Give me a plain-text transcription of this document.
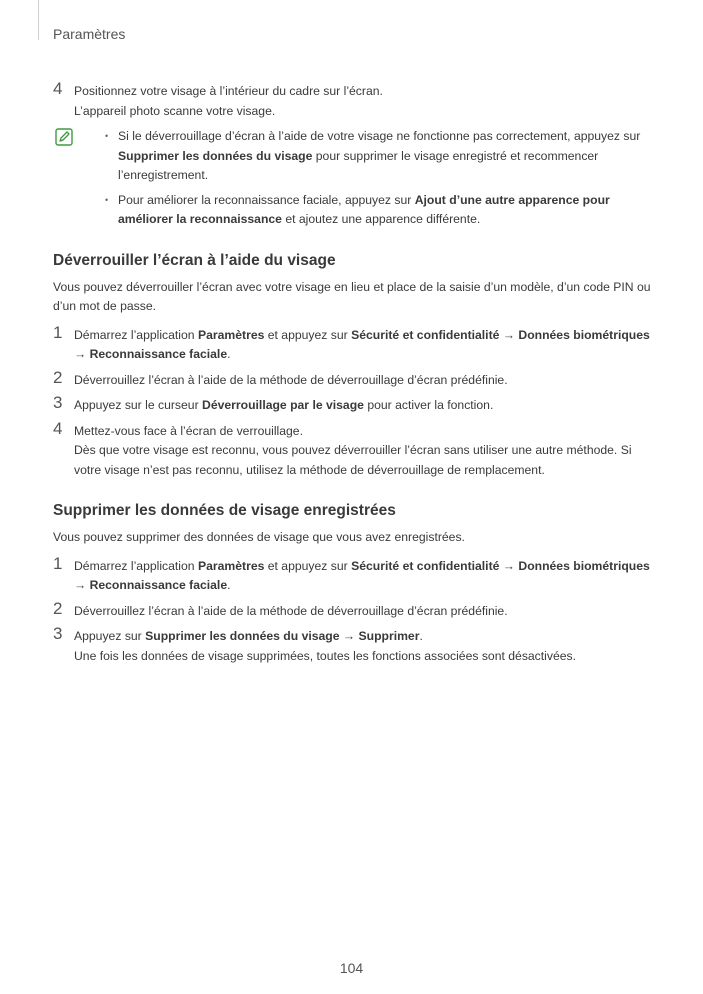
Paramètres
4 Positionnez votre visage à l’intérieur du cadre sur l’écran.

L’appareil photo scanne votre visage.

• Si le déverrouillage d’écran à l’aide de votre visage ne fonctionne pas correctement, appuyez sur Supprimer les données du visage pour supprimer le visage enregistré et recommencer l’enregistrement.
• Pour améliorer la reconnaissance faciale, appuyez sur Ajout d’une autre apparence pour améliorer la reconnaissance et ajoutez une apparence différente.
Déverrouiller l’écran à l’aide du visage

Vous pouvez déverrouiller l’écran avec votre visage en lieu et place de la saisie d’un modèle, d’un code PIN ou d’un mot de passe.

1 Démarrez l’application Paramètres et appuyez sur Sécurité et confidentialité → Données biométriques
→ Reconnaissance faciale.

2 Déverrouillez l’écran à l’aide de la méthode de déverrouillage d’écran prédéfinie.

3 Appuyez sur le curseur Déverrouillage par le visage pour activer la fonction.

4 Mettez-vous face à l’écran de verrouillage.

Dès que votre visage est reconnu, vous pouvez déverrouiller l’écran sans utiliser une autre méthode. Si votre visage n’est pas reconnu, utilisez la méthode de déverrouillage de remplacement.

Supprimer les données de visage enregistrées

Vous pouvez supprimer des données de visage que vous avez enregistrées.

1 Démarrez l’application Paramètres et appuyez sur Sécurité et confidentialité → Données biométriques
→ Reconnaissance faciale.

2 Déverrouillez l’écran à l’aide de la méthode de déverrouillage d’écran prédéfinie.

3 Appuyez sur Supprimer les données du visage → Supprimer.

Une fois les données de visage supprimées, toutes les fonctions associées sont désactivées.

104
